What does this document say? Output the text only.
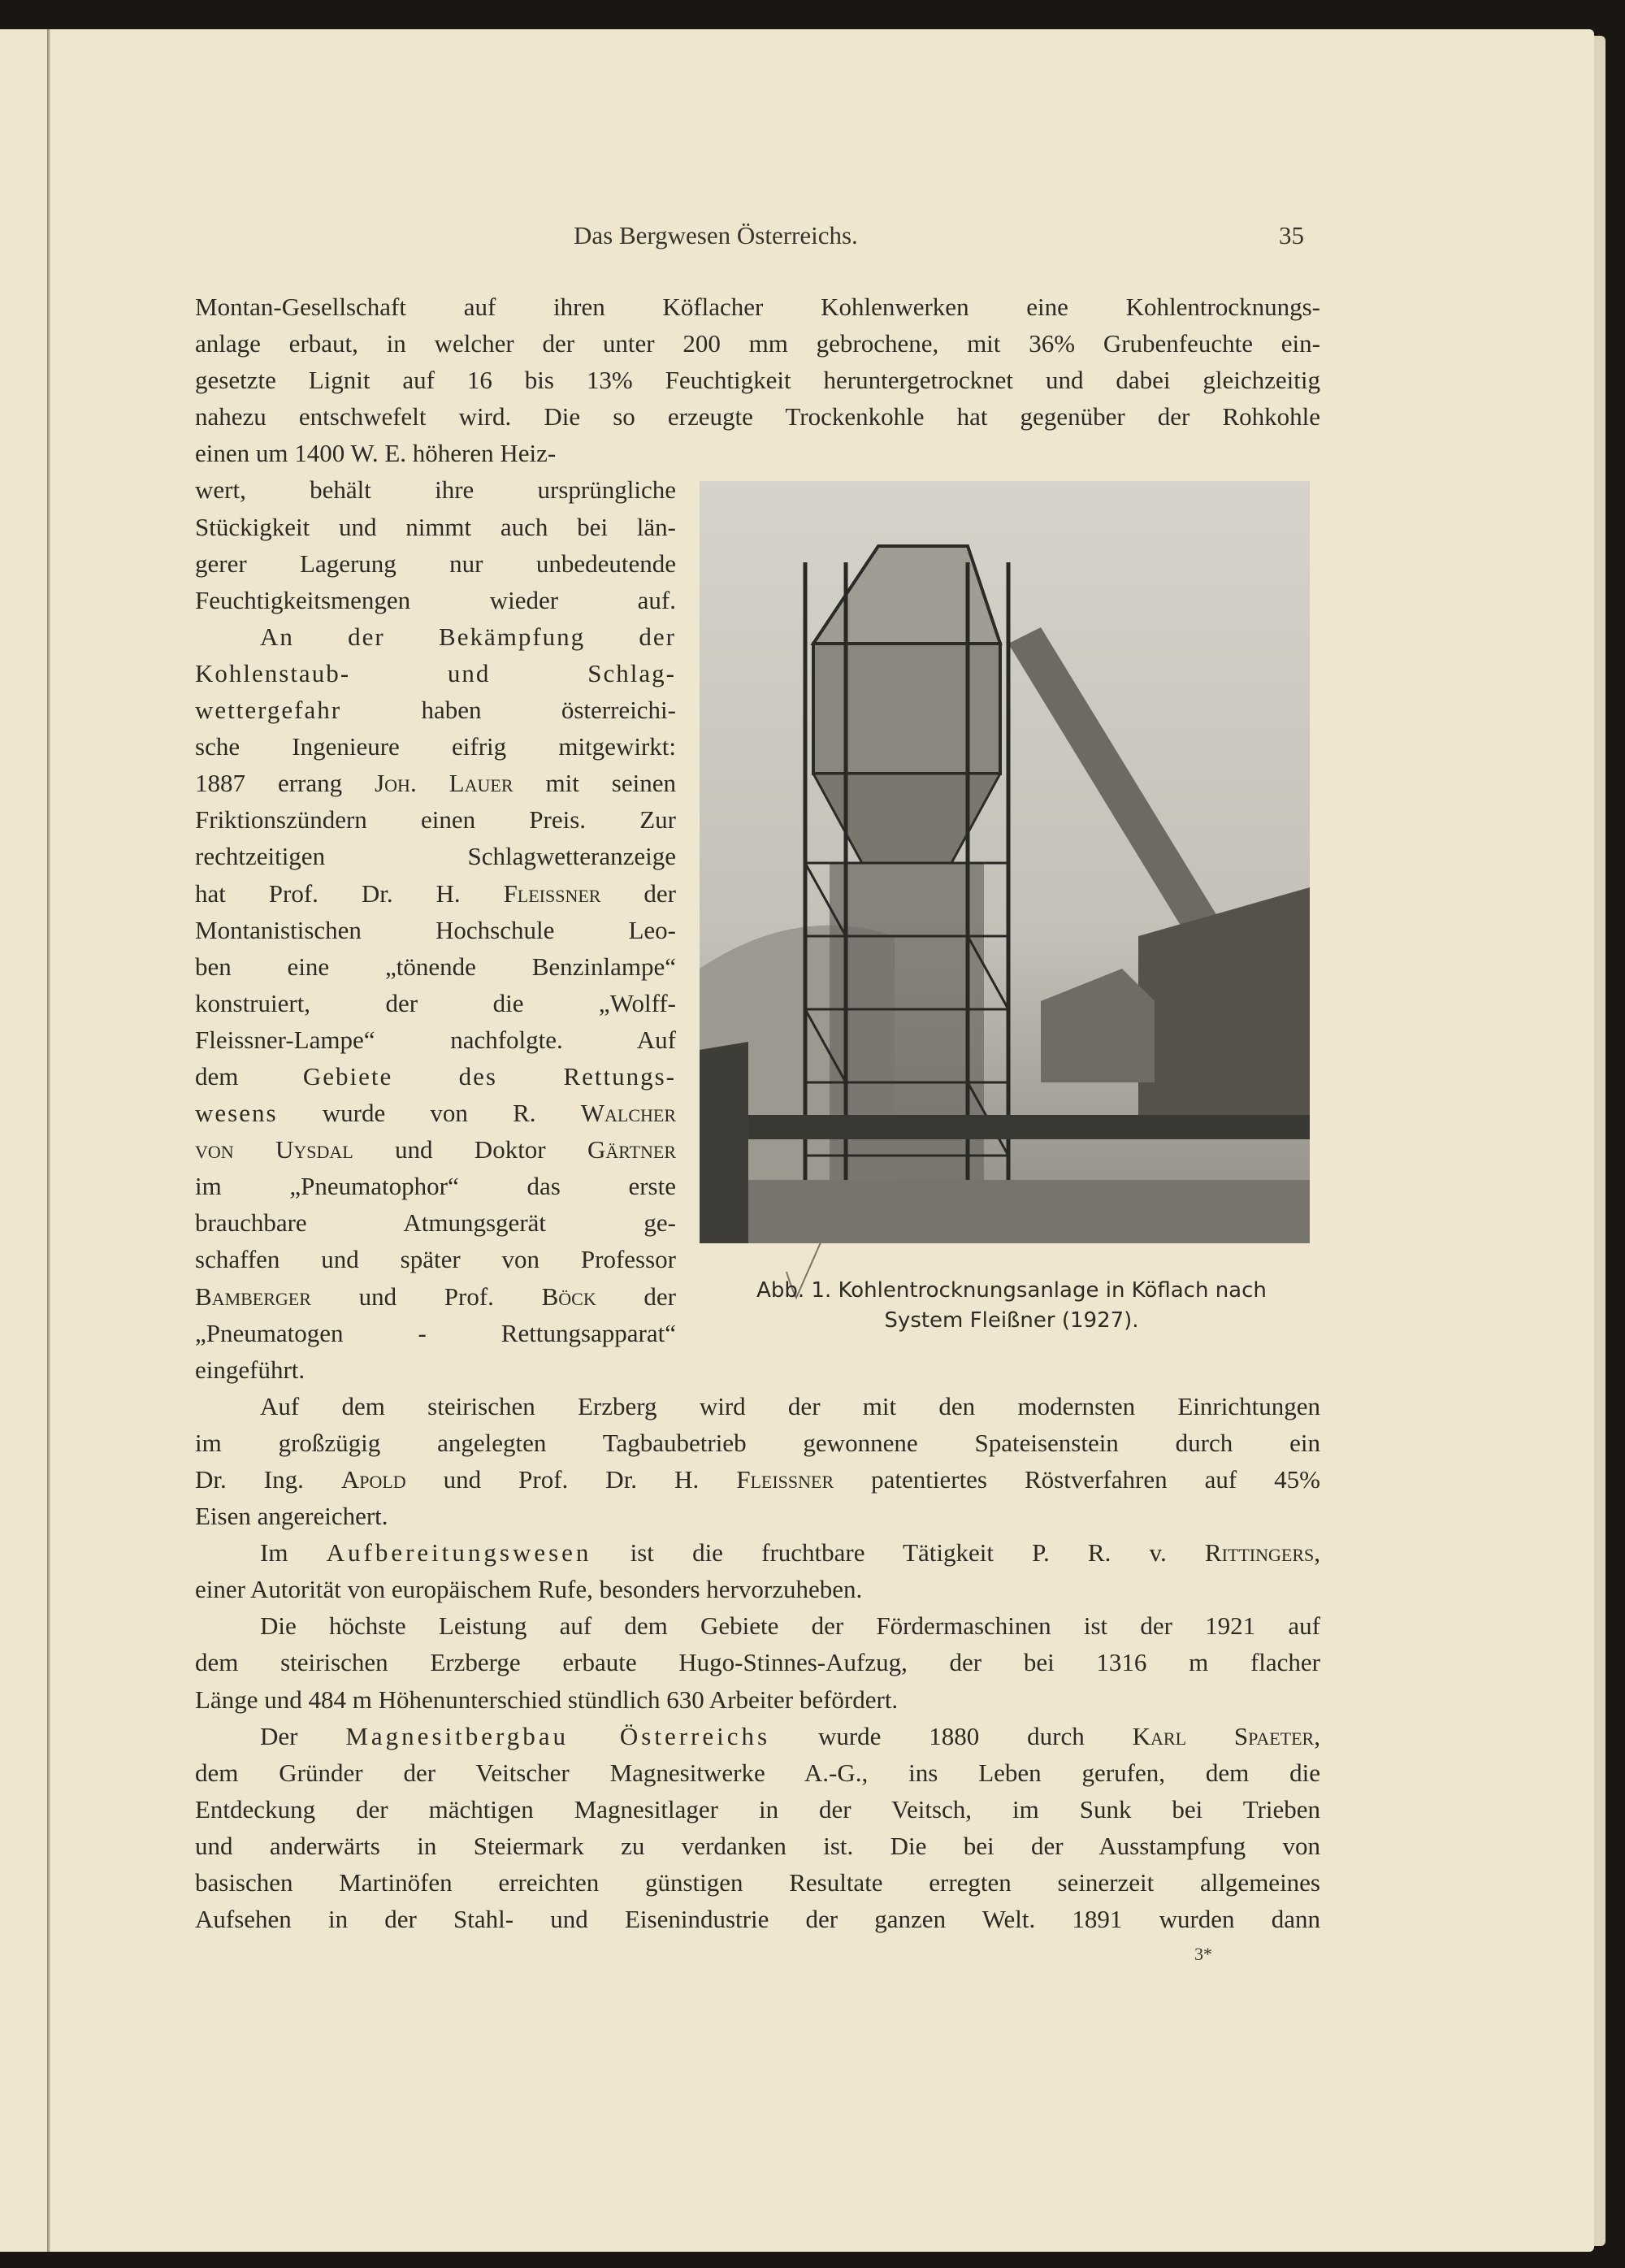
Das Bergwesen Österreichs.	35
Montan-Gesellschaft auf ihren Köflacher Kohlenwerken eine Kohlentrocknungs-
anlage erbaut, in welcher der unter 200 mm gebrochene, mit 36% Grubenfeuchte ein-
gesetzte Lignit auf 16 bis 13% Feuchtigkeit heruntergetrocknet und dabei gleichzeitig
nahezu entschwefelt wird. Die so erzeugte Trockenkohle hat gegenüber der Rohkohle
einen um 1400 W. E. höheren Heiz-
wert, behält ihre ursprüngliche
Stückigkeit und nimmt auch bei län-
gerer Lagerung nur unbedeutende
Feuchtigkeitsmengen wieder auf.
An der Bekämpfung der
Kohlenstaub- und Schlag-
wettergefahr haben österreichi-
sche Ingenieure eifrig mitgewirkt:
1887 errang Joh. Lauer mit seinen
Friktionszündern einen Preis. Zur
rechtzeitigen Schlagwetteranzeige
hat Prof. Dr. H. Fleissner der
Montanistischen Hochschule Leo-
ben eine „tönende Benzinlampe“
konstruiert, der die „Wolff-
Fleissner-Lampe“ nachfolgte. Auf
dem Gebiete des Rettungs-
wesens wurde von R. Walcher
von Uysdal und Doktor Gärtner
im „Pneumatophor“ das erste
brauchbare Atmungsgerät ge-
schaffen und später von Professor
Bamberger und Prof. Böck der
„Pneumatogen - Rettungsapparat“
eingeführt.
Auf dem steirischen Erzberg wird der mit den modernsten Einrichtungen
im großzügig angelegten Tagbaubetrieb gewonnene Spateisenstein durch ein
Dr. Ing. Apold und Prof. Dr. H. Fleissner patentiertes Röstverfahren auf 45%
Eisen angereichert.
Im Aufbereitungswesen ist die fruchtbare Tätigkeit P. R. v. Rittingers,
einer Autorität von europäischem Rufe, besonders hervorzuheben.
Die höchste Leistung auf dem Gebiete der Fördermaschinen ist der 1921 auf
dem steirischen Erzberge erbaute Hugo-Stinnes-Aufzug, der bei 1316 m flacher
Länge und 484 m Höhenunterschied stündlich 630 Arbeiter befördert.
Der Magnesitbergbau Österreichs wurde 1880 durch Karl Spaeter,
dem Gründer der Veitscher Magnesitwerke A.-G., ins Leben gerufen, dem die
Entdeckung der mächtigen Magnesitlager in der Veitsch, im Sunk bei Trieben
und anderwärts in Steiermark zu verdanken ist. Die bei der Ausstampfung von
basischen Martinöfen erreichten günstigen Resultate erregten seinerzeit allgemeines
Aufsehen in der Stahl- und Eisenindustrie der ganzen Welt. 1891 wurden dann
Abb. 1. Kohlentrocknungsanlage in Köflach nach
System Fleißner (1927).
3*
